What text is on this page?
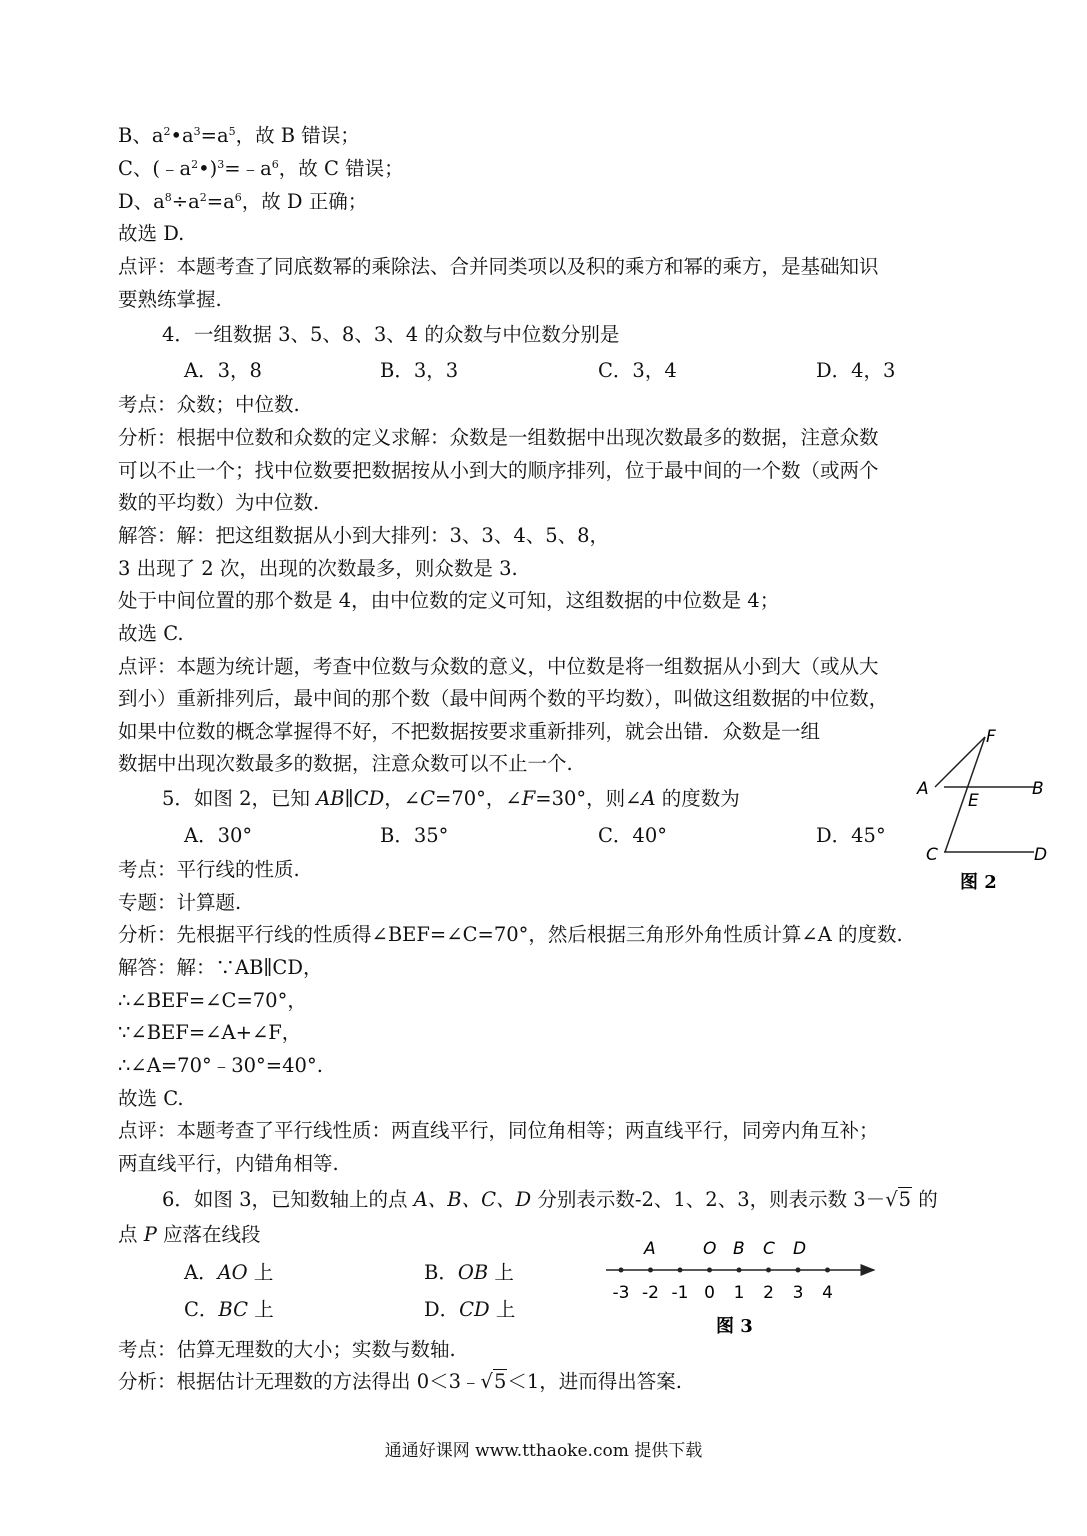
B、$a^2•a^3=a^5$，故 B 错误；
C、$(﹣a^2•)^3=﹣a^6$，故 C 错误；
D、$a^8\div a^2=a^6$，故 D 正确；
故选 D.
点评：本题考查了同底数幂的乘除法、合并同类项以及积的乘方和幂的乘方，是基础知识
要熟练掌握.
4．一组数据 3、5、8、3、4 的众数与中位数分别是
A．3，8	B．3，3	C．3，4	D．4，3
考点：众数；中位数.
分析：根据中位数和众数的定义求解：众数是一组数据中出现次数最多的数据，注意众数
可以不止一个；找中位数要把数据按从小到大的顺序排列，位于最中间的一个数（或两个
数的平均数）为中位数.
解答：解：把这组数据从小到大排列：3、3、4、5、8，
3 出现了 2 次，出现的次数最多，则众数是 3.
处于中间位置的那个数是 4，由中位数的定义可知，这组数据的中位数是 4；
故选 C.
点评：本题为统计题，考查中位数与众数的意义，中位数是将一组数据从小到大（或从大
到小）重新排列后，最中间的那个数（最中间两个数的平均数），叫做这组数据的中位数，
如果中位数的概念掌握得不好，不把数据按要求重新排列，就会出错．众数是一组
数据中出现次数最多的数据，注意众数可以不止一个.
F
A	B
E
C	D
图 2
5．如图 2，已知 AB∥CD，∠C=70°，∠F=30°，则∠A 的度数为
A．30°	B．35°	C．40°	D．45°
考点：平行线的性质.
专题：计算题.
分析：先根据平行线的性质得∠BEF=∠C=70°，然后根据三角形外角性质计算∠A 的度数.
解答：解：∵AB∥CD，
∴∠BEF=∠C=70°，
∵∠BEF=∠A+∠F，
∴∠A=70°﹣30°=40°.
故选 C.
点评：本题考查了平行线性质：两直线平行，同位角相等；两直线平行，同旁内角互补；
两直线平行，内错角相等.
6．如图 3，已知数轴上的点 A、B、C、D 分别表示数-2、1、2、3，则表示数 3－√5 的
点 P 应落在线段
A．AO 上	B．OB 上
C．BC 上	D．CD 上
-3 -2 -1 0 1 2 3 4
A	O B C D
图 3
考点：估算无理数的大小；实数与数轴.
分析：根据估计无理数的方法得出 0＜3﹣√5＜1，进而得出答案.
通通好课网 www.tthaoke.com 提供下载
